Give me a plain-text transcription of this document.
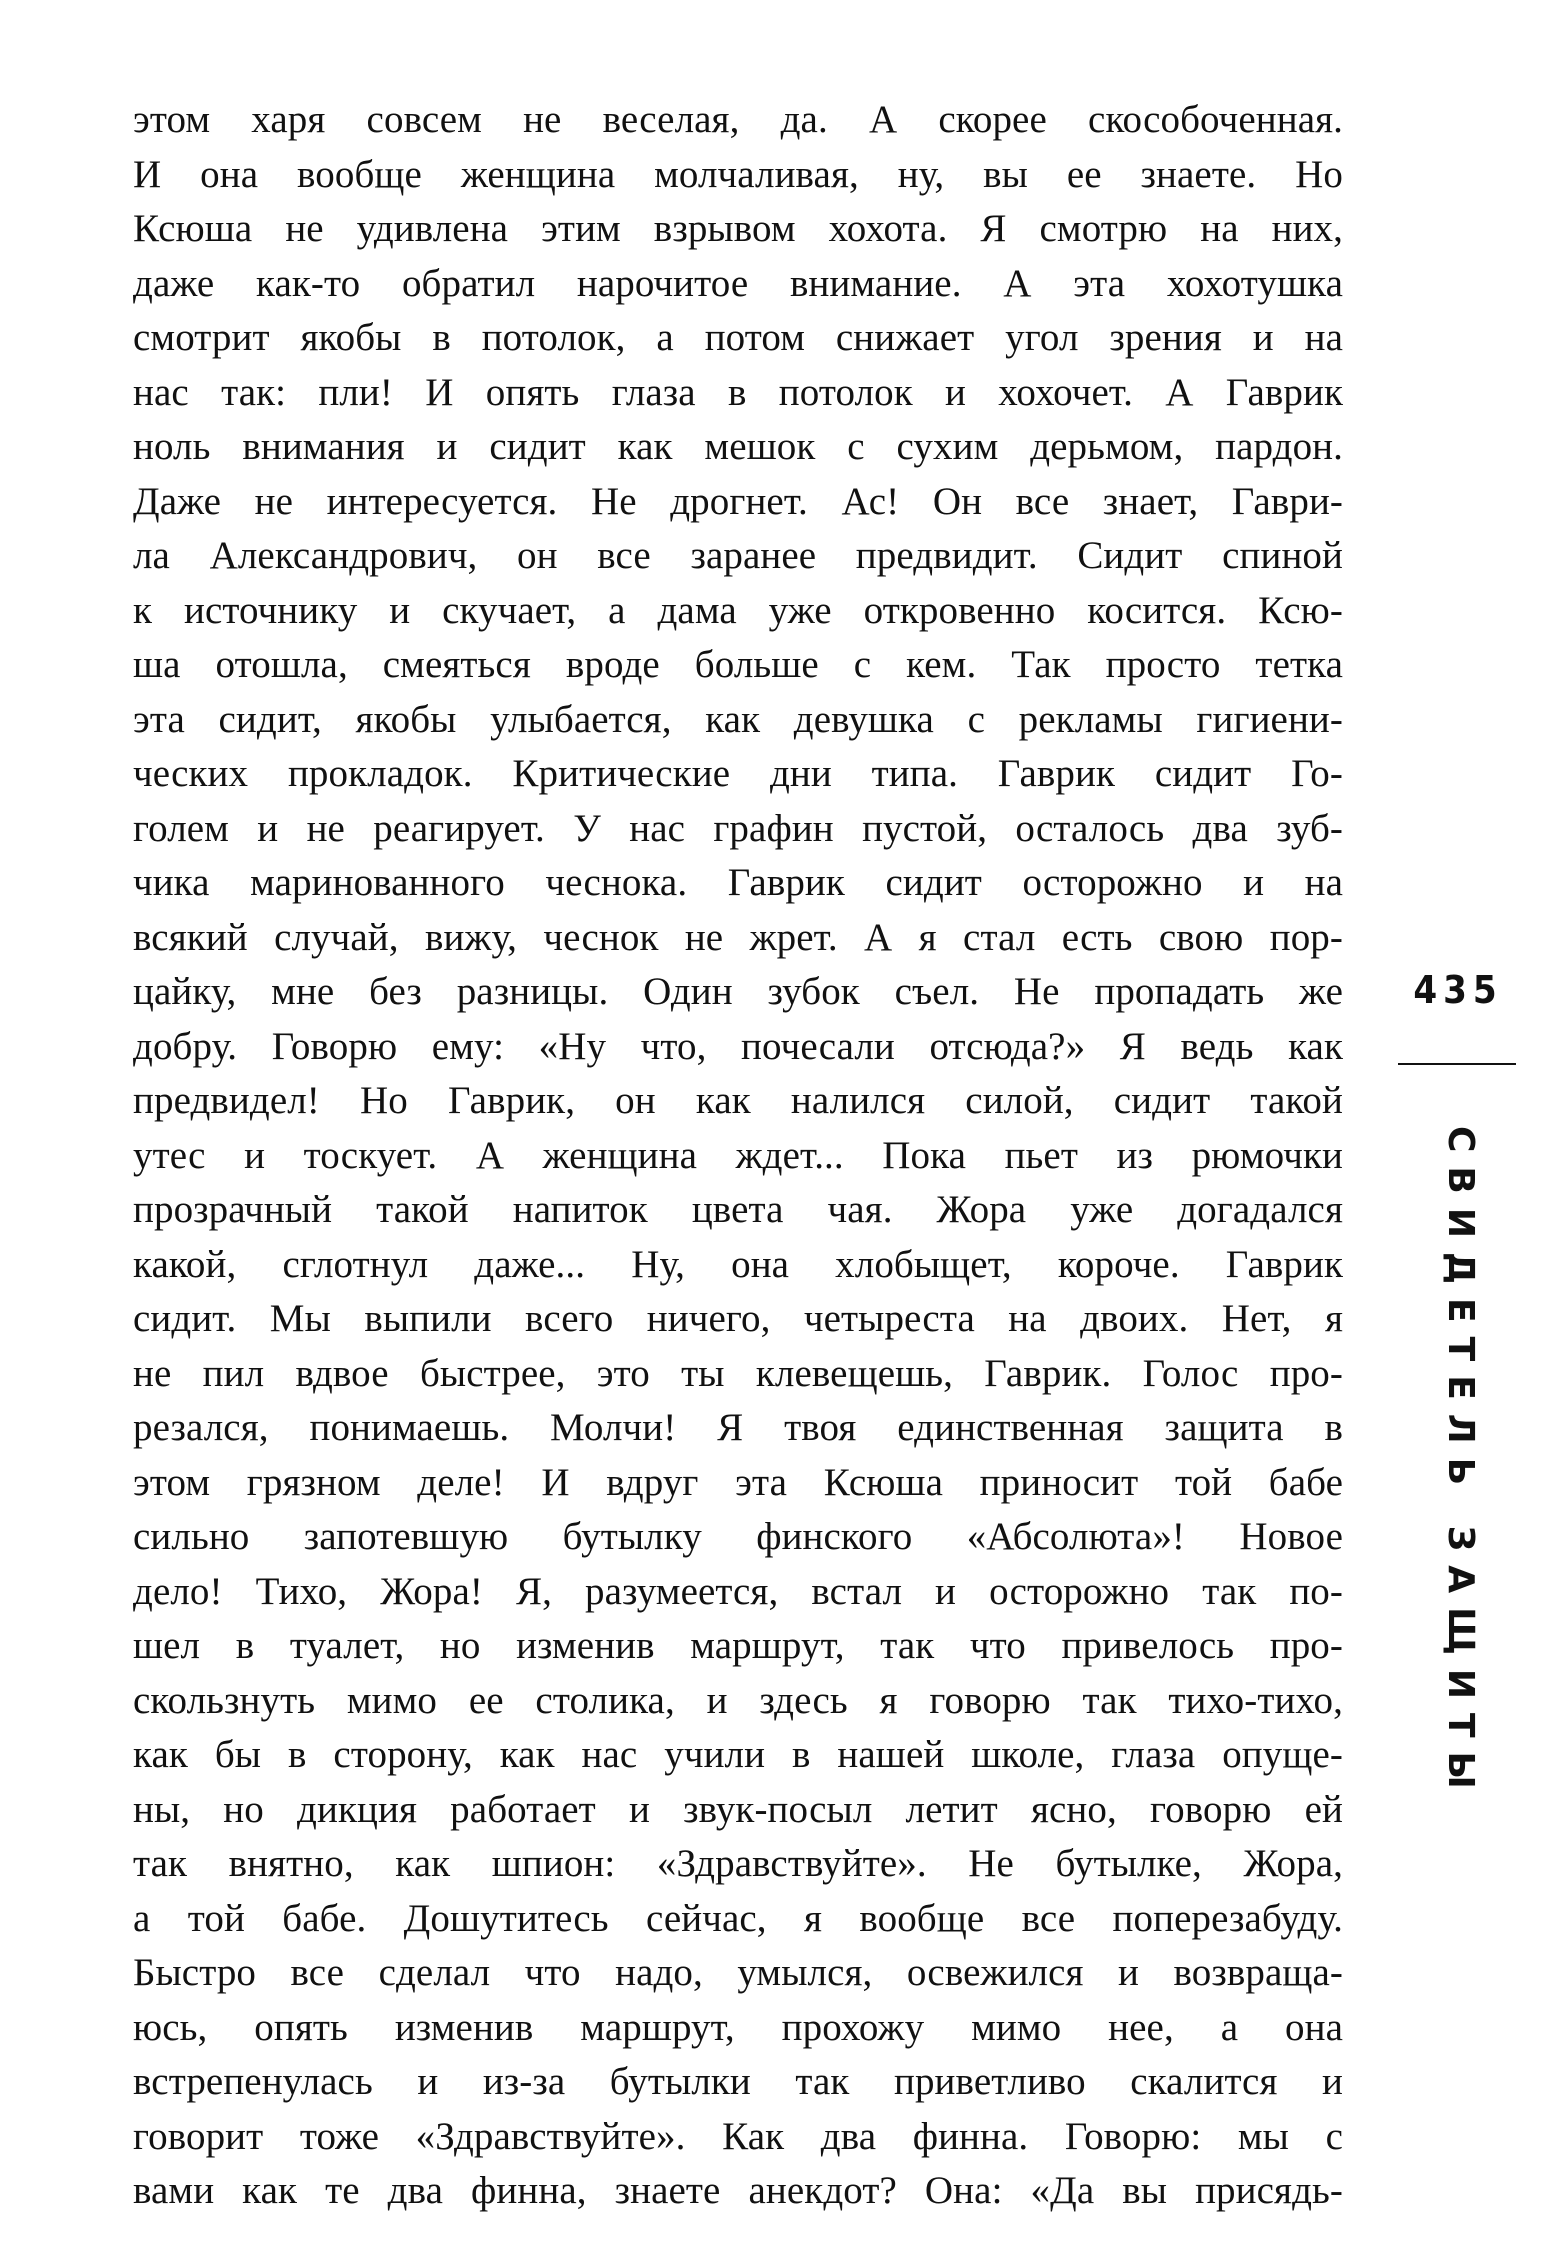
этом харя совсем не веселая, да. А скорее скособоченная.
И она вообще женщина молчаливая, ну, вы ее знаете. Но
Ксюша не удивлена этим взрывом хохота. Я смотрю на них,
даже как-то обратил нарочитое внимание. А эта хохотушка
смотрит якобы в потолок, а потом снижает угол зрения и на
нас так: пли! И опять глаза в потолок и хохочет. А Гаврик
ноль внимания и сидит как мешок с сухим дерьмом, пардон.
Даже не интересуется. Не дрогнет. Ас! Он все знает, Гаври-
ла Александрович, он все заранее предвидит. Сидит спиной
к источнику и скучает, а дама уже откровенно косится. Ксю-
ша отошла, смеяться вроде больше с кем. Так просто тетка
эта сидит, якобы улыбается, как девушка с рекламы гигиени-
ческих прокладок. Критические дни типа. Гаврик сидит Го-
голем и не реагирует. У нас графин пустой, осталось два зуб-
чика маринованного чеснока. Гаврик сидит осторожно и на
всякий случай, вижу, чеснок не жрет. А я стал есть свою пор-
цайку, мне без разницы. Один зубок съел. Не пропадать же
добру. Говорю ему: «Ну что, почесали отсюда?» Я ведь как
предвидел! Но Гаврик, он как налился силой, сидит такой
утес и тоскует. А женщина ждет... Пока пьет из рюмочки
прозрачный такой напиток цвета чая. Жора уже догадался
какой, сглотнул даже... Ну, она хлобыщет, короче. Гаврик
сидит. Мы выпили всего ничего, четыреста на двоих. Нет, я
не пил вдвое быстрее, это ты клевещешь, Гаврик. Голос про-
резался, понимаешь. Молчи! Я твоя единственная защита в
этом грязном деле! И вдруг эта Ксюша приносит той бабе
сильно запотевшую бутылку финского «Абсолюта»! Новое
дело! Тихо, Жора! Я, разумеется, встал и осторожно так по-
шел в туалет, но изменив маршрут, так что привелось про-
скользнуть мимо ее столика, и здесь я говорю так тихо-тихо,
как бы в сторону, как нас учили в нашей школе, глаза опуще-
ны, но дикция работает и звук-посыл летит ясно, говорю ей
так внятно, как шпион: «Здравствуйте». Не бутылке, Жора,
а той бабе. Дошутитесь сейчас, я вообще все поперезабуду.
Быстро все сделал что надо, умылся, освежился и возвраща-
юсь, опять изменив маршрут, прохожу мимо нее, а она
встрепенулась и из-за бутылки так приветливо скалится и
говорит тоже «Здравствуйте». Как два финна. Говорю: мы с
вами как те два финна, знаете анекдот? Она: «Да вы присядь-
435
СВИДЕТЕЛЬ ЗАЩИТЫ
